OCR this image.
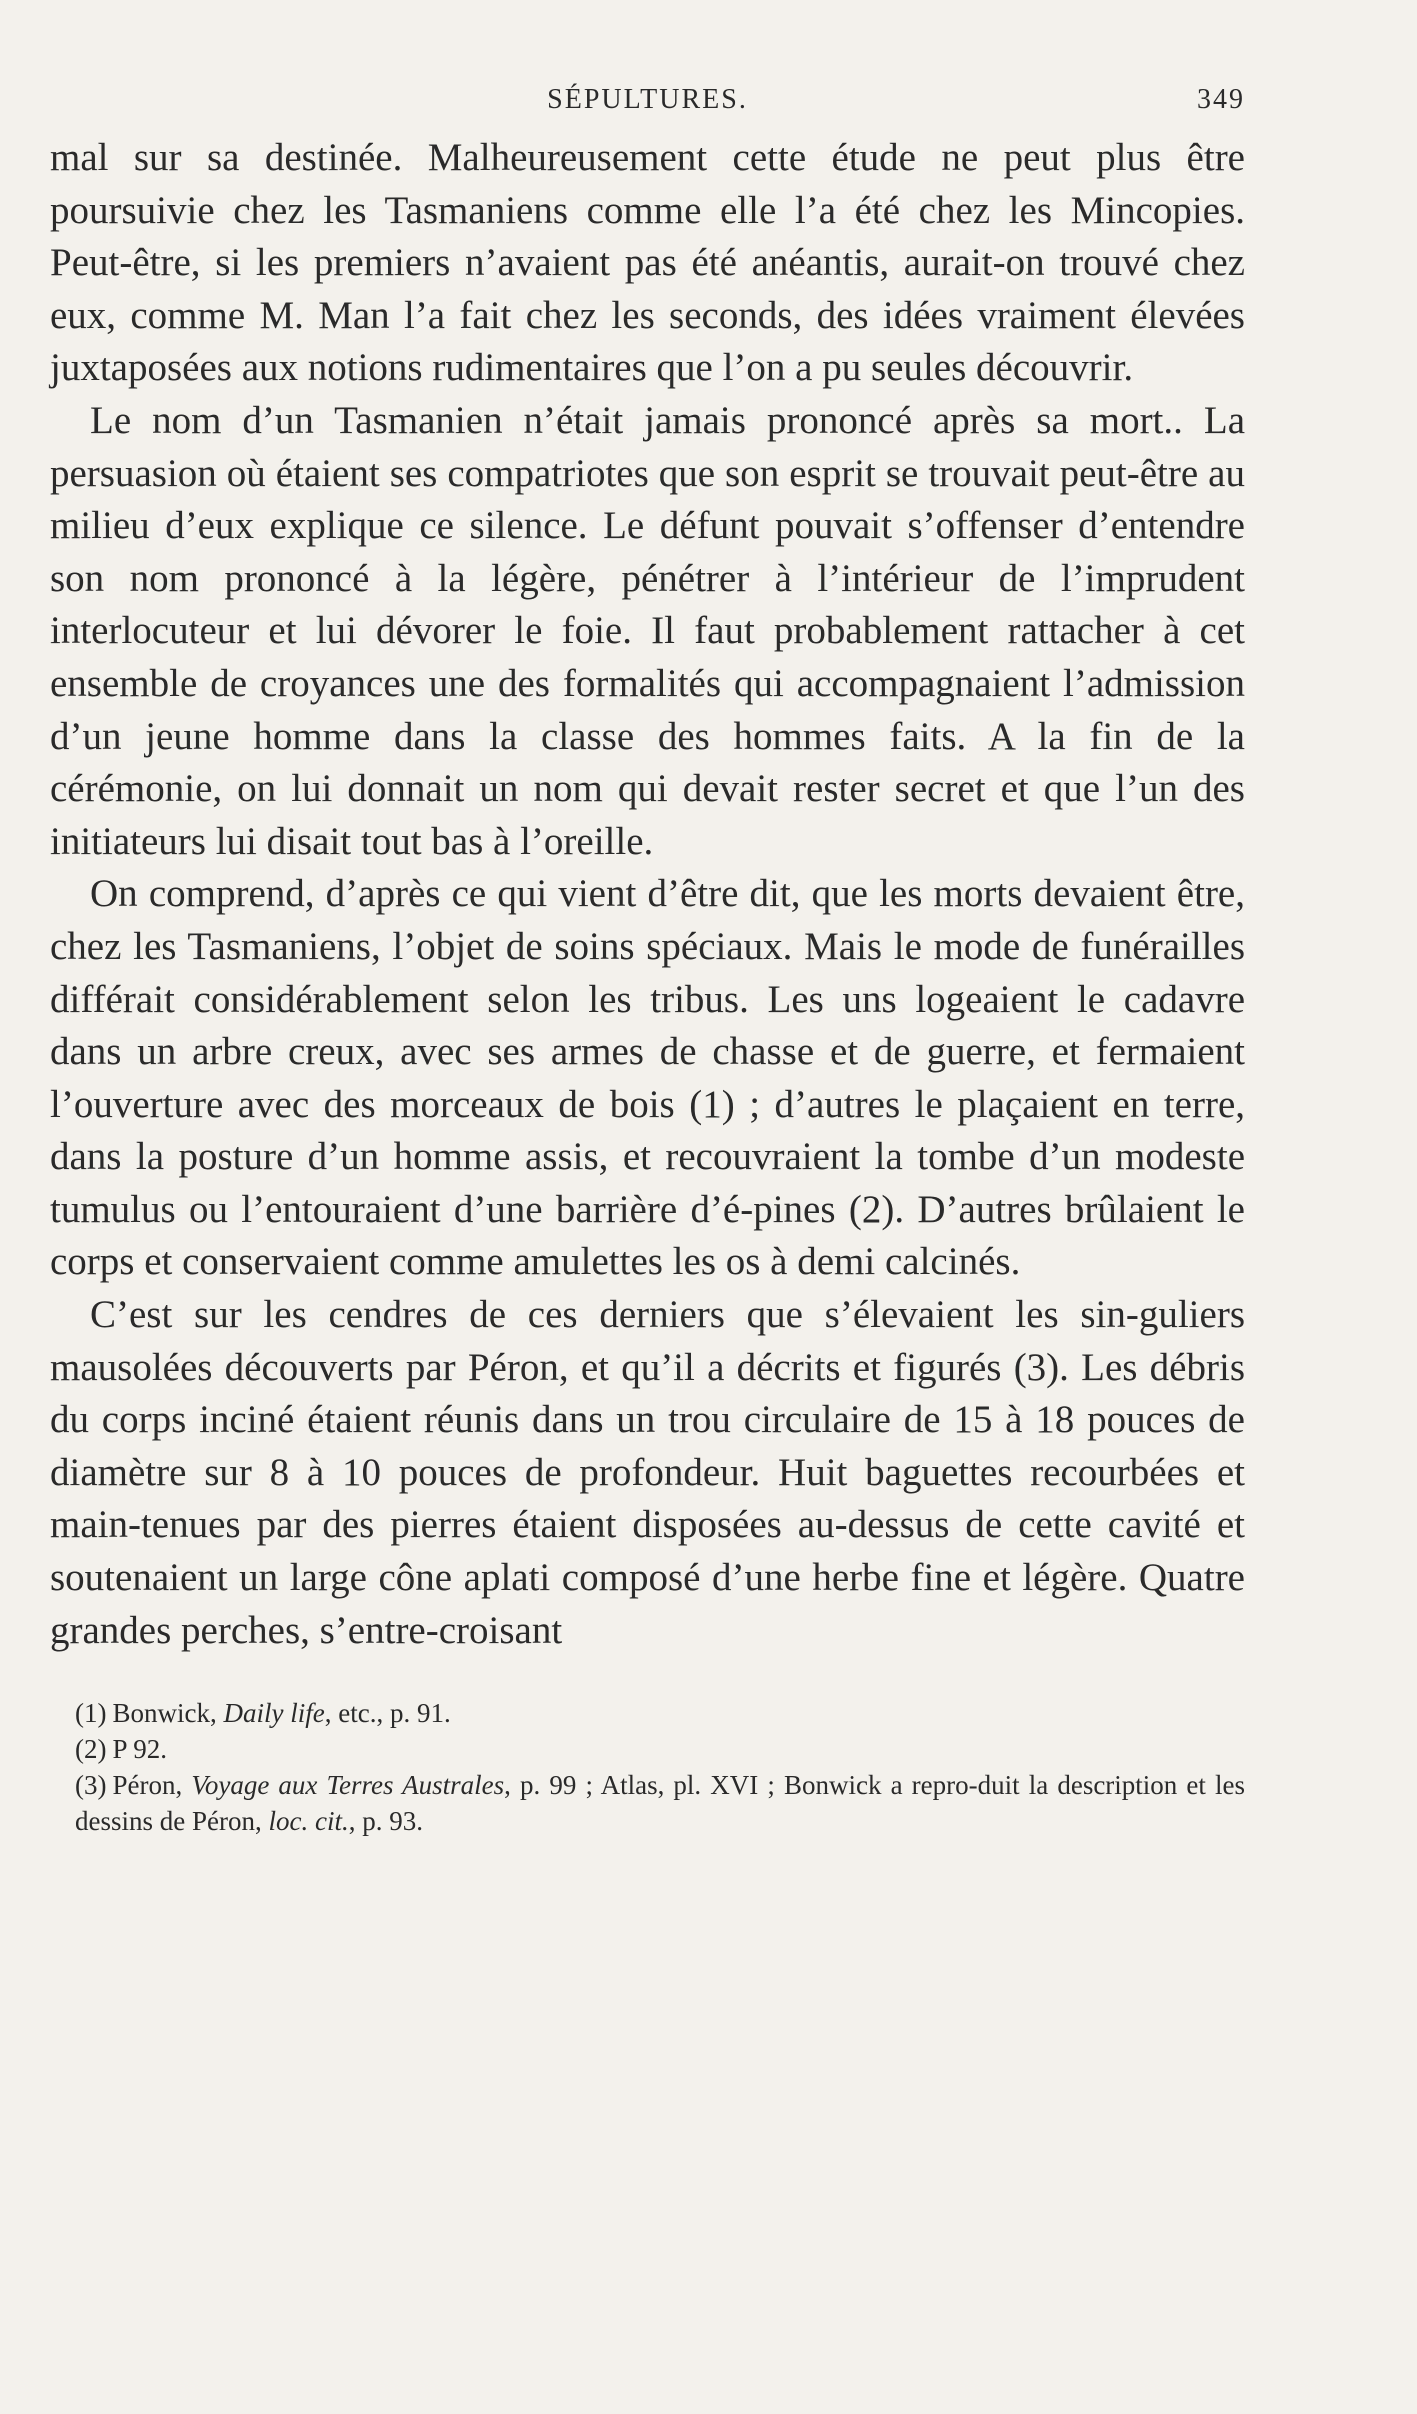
SÉPULTURES.	349

mal sur sa destinée. Malheureusement cette étude ne peut plus être poursuivie chez les Tasmaniens comme elle l’a été chez les Mincopies. Peut-être, si les premiers n’avaient pas été anéantis, aurait-on trouvé chez eux, comme M. Man l’a fait chez les seconds, des idées vraiment élevées juxtaposées aux notions rudimentaires que l’on a pu seules découvrir.

Le nom d’un Tasmanien n’était jamais prononcé après sa mort.. La persuasion où étaient ses compatriotes que son esprit se trouvait peut-être au milieu d’eux explique ce silence. Le défunt pouvait s’offenser d’entendre son nom prononcé à la légère, pénétrer à l’intérieur de l’imprudent interlocuteur et lui dévorer le foie. Il faut probablement rattacher à cet ensemble de croyances une des formalités qui accompagnaient l’admission d’un jeune homme dans la classe des hommes faits. A la fin de la cérémonie, on lui donnait un nom qui devait rester secret et que l’un des initiateurs lui disait tout bas à l’oreille.

On comprend, d’après ce qui vient d’être dit, que les morts devaient être, chez les Tasmaniens, l’objet de soins spéciaux. Mais le mode de funérailles différait considérablement selon les tribus. Les uns logeaient le cadavre dans un arbre creux, avec ses armes de chasse et de guerre, et fermaient l’ouverture avec des morceaux de bois (1) ; d’autres le plaçaient en terre, dans la posture d’un homme assis, et recouvraient la tombe d’un modeste tumulus ou l’entouraient d’une barrière d’é-pines (2). D’autres brûlaient le corps et conservaient comme amulettes les os à demi calcinés.

C’est sur les cendres de ces derniers que s’élevaient les sin-guliers mausolées découverts par Péron, et qu’il a décrits et figurés (3). Les débris du corps inciné étaient réunis dans un trou circulaire de 15 à 18 pouces de diamètre sur 8 à 10 pouces de profondeur. Huit baguettes recourbées et main-tenues par des pierres étaient disposées au-dessus de cette cavité et soutenaient un large cône aplati composé d’une herbe fine et légère. Quatre grandes perches, s’entre-croisant

(1) Bonwick, Daily life, etc., p. 91.

(2) P 92.

(3) Péron, Voyage aux Terres Australes, p. 99 ; Atlas, pl. XVI ; Bonwick a repro-duit la description et les dessins de Péron, loc. cit., p. 93.
